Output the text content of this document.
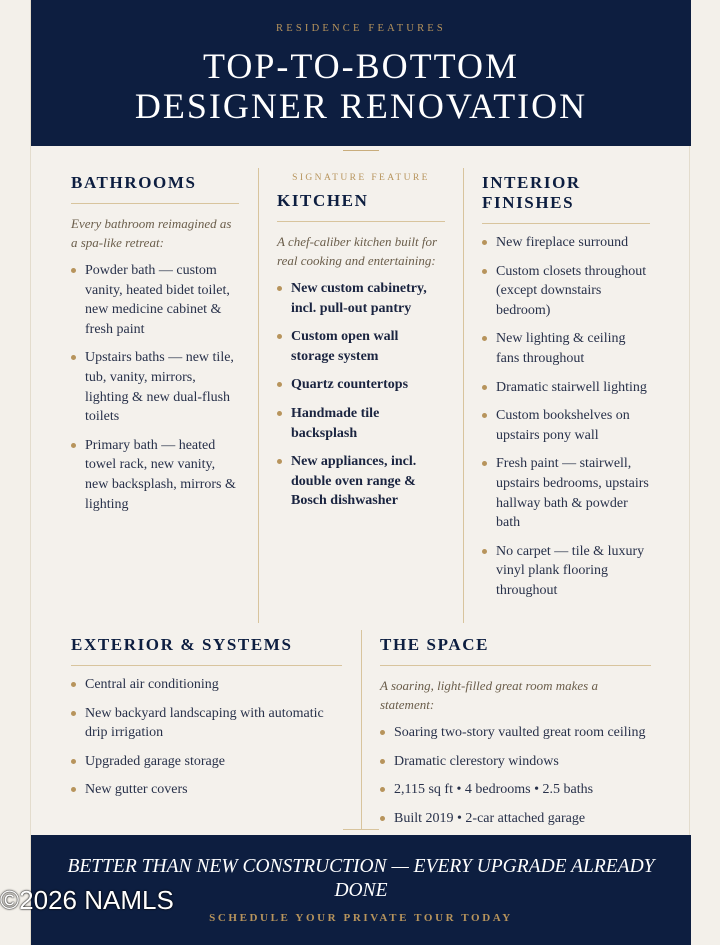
RESIDENCE FEATURES
TOP-TO-BOTTOM DESIGNER RENOVATION
BATHROOMS

Every bathroom reimagined as a spa-like retreat:

Powder bath — custom vanity, heated bidet toilet, new medicine cabinet & fresh paint
Upstairs baths — new tile, tub, vanity, mirrors, lighting & new dual-flush toilets
Primary bath — heated towel rack, new vanity, new backsplash, mirrors & lighting
SIGNATURE FEATURE
KITCHEN

A chef-caliber kitchen built for real cooking and entertaining:

New custom cabinetry, incl. pull-out pantry
Custom open wall storage system
Quartz countertops
Handmade tile backsplash
New appliances, incl. double oven range & Bosch dishwasher
INTERIOR FINISHES
New fireplace surround
Custom closets throughout (except downstairs bedroom)
New lighting & ceiling fans throughout
Dramatic stairwell lighting
Custom bookshelves on upstairs pony wall
Fresh paint — stairwell, upstairs bedrooms, upstairs hallway bath & powder bath
No carpet — tile & luxury vinyl plank flooring throughout
EXTERIOR & SYSTEMS
Central air conditioning
New backyard landscaping with automatic drip irrigation
Upgraded garage storage
New gutter covers
THE SPACE

A soaring, light-filled great room makes a statement:

Soaring two-story vaulted great room ceiling
Dramatic clerestory windows
2,115 sq ft • 4 bedrooms • 2.5 baths
Built 2019 • 2-car attached garage
BETTER THAN NEW CONSTRUCTION — EVERY UPGRADE ALREADY DONE
SCHEDULE YOUR PRIVATE TOUR TODAY
©2026 NAMLS
